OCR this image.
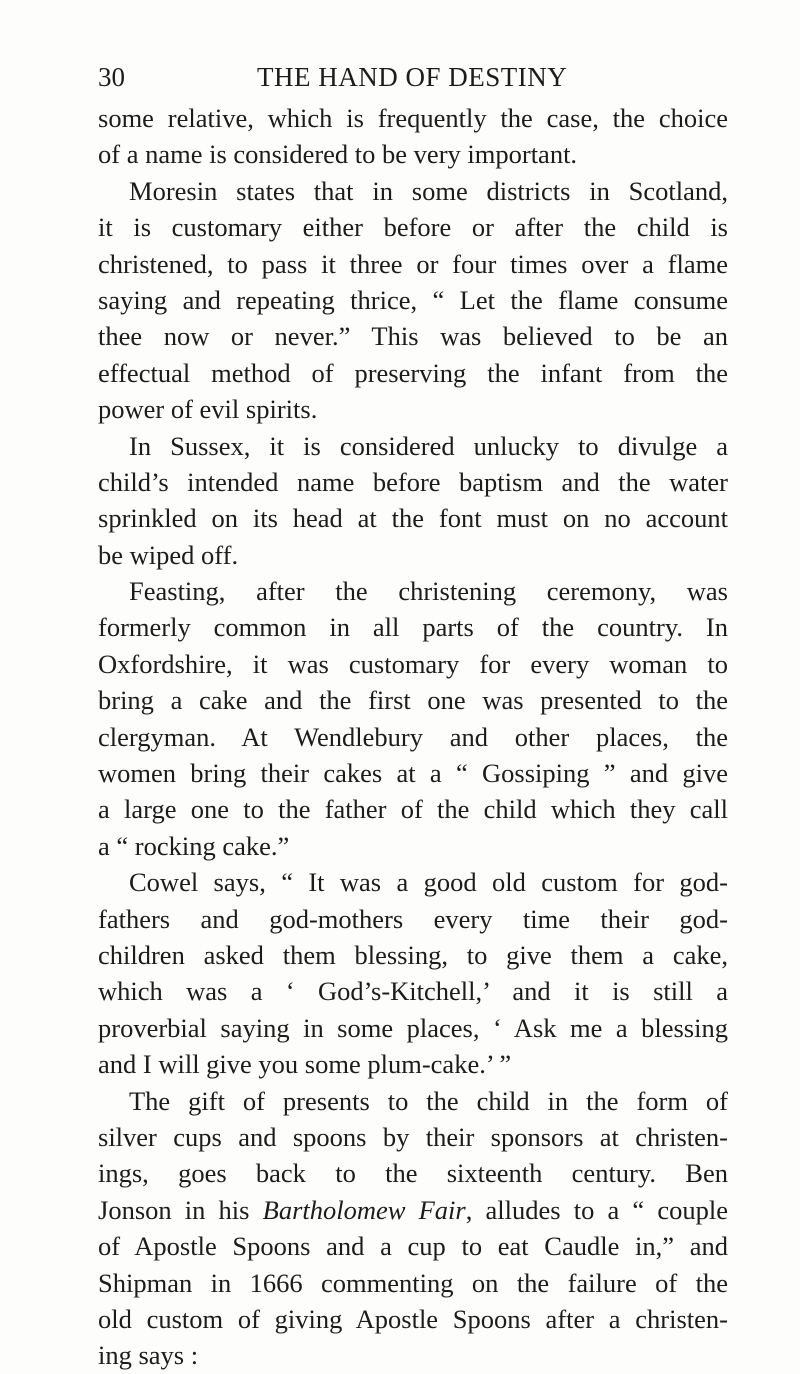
30	THE HAND OF DESTINY
some relative, which is frequently the case, the choice
of a name is considered to be very important.
Moresin states that in some districts in Scotland,
it is customary either before or after the child is
christened, to pass it three or four times over a flame
saying and repeating thrice, “ Let the flame consume
thee now or never.” This was believed to be an
effectual method of preserving the infant from the
power of evil spirits.
In Sussex, it is considered unlucky to divulge a
child’s intended name before baptism and the water
sprinkled on its head at the font must on no account
be wiped off.
Feasting, after the christening ceremony, was
formerly common in all parts of the country. In
Oxfordshire, it was customary for every woman to
bring a cake and the first one was presented to the
clergyman. At Wendlebury and other places, the
women bring their cakes at a “ Gossiping ” and give
a large one to the father of the child which they call
a “ rocking cake.”
Cowel says, “ It was a good old custom for god-
fathers and god-mothers every time their god-
children asked them blessing, to give them a cake,
which was a ‘ God’s-Kitchell,’ and it is still a
proverbial saying in some places, ‘ Ask me a blessing
and I will give you some plum-cake.’ ”
The gift of presents to the child in the form of
silver cups and spoons by their sponsors at christen-
ings, goes back to the sixteenth century. Ben
Jonson in his Bartholomew Fair, alludes to a “ couple
of Apostle Spoons and a cup to eat Caudle in,” and
Shipman in 1666 commenting on the failure of the
old custom of giving Apostle Spoons after a christen-
ing says :
